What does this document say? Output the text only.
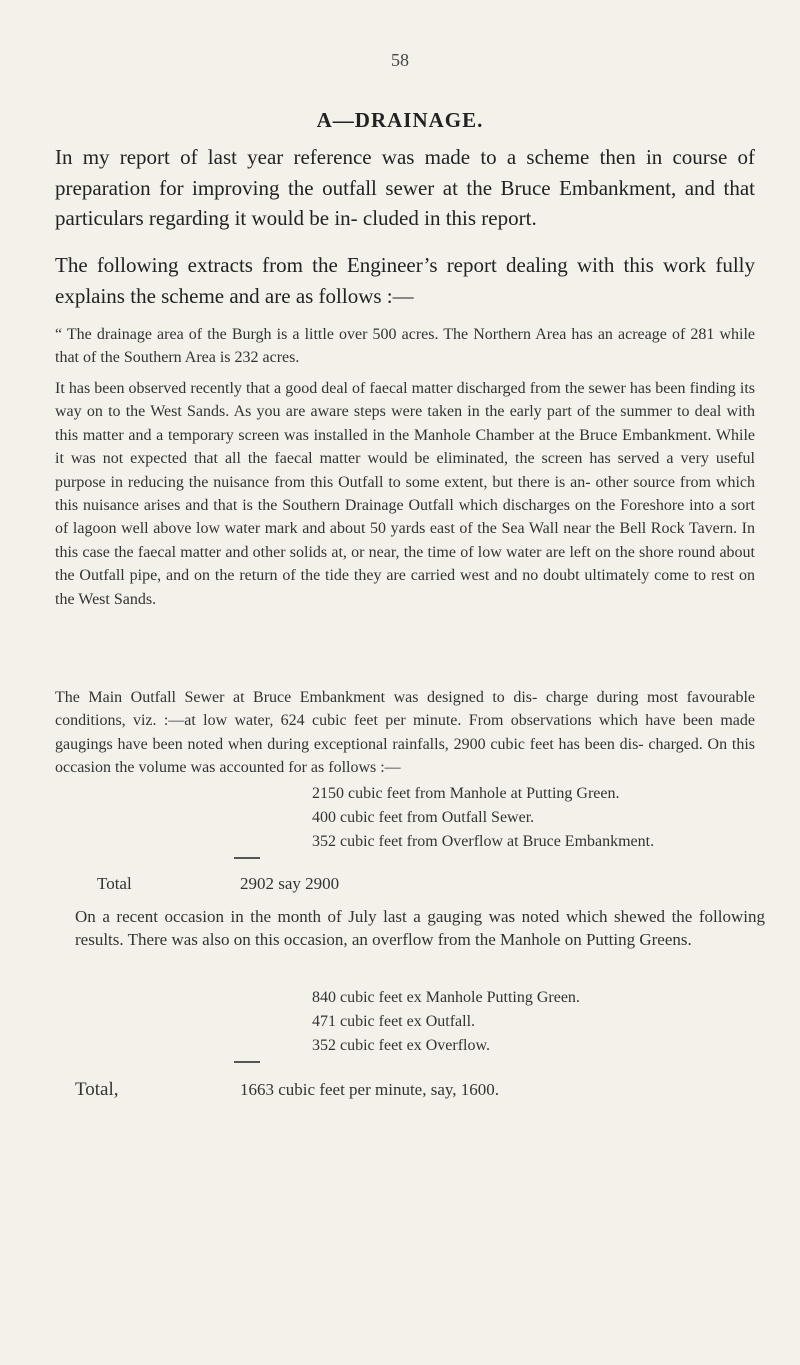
58
A—DRAINAGE.

In my report of last year reference was made to a scheme then in course of preparation for improving the outfall sewer at the Bruce Embankment, and that particulars regarding it would be in- cluded in this report.

The following extracts from the Engineer’s report dealing with this work fully explains the scheme and are as follows :—

“ The drainage area of the Burgh is a little over 500 acres. The Northern Area has an acreage of 281 while that of the Southern Area is 232 acres.

It has been observed recently that a good deal of faecal matter discharged from the sewer has been finding its way on to the West Sands. As you are aware steps were taken in the early part of the summer to deal with this matter and a temporary screen was installed in the Manhole Chamber at the Bruce Embankment. While it was not expected that all the faecal matter would be eliminated, the screen has served a very useful purpose in reducing the nuisance from this Outfall to some extent, but there is an- other source from which this nuisance arises and that is the Southern Drainage Outfall which discharges on the Foreshore into a sort of lagoon well above low water mark and about 50 yards east of the Sea Wall near the Bell Rock Tavern. In this case the faecal matter and other solids at, or near, the time of low water are left on the shore round about the Outfall pipe, and on the return of the tide they are carried west and no doubt ultimately come to rest on the West Sands.

The Main Outfall Sewer at Bruce Embankment was designed to dis- charge during most favourable conditions, viz. :—at low water, 624 cubic feet per minute. From observations which have been made gaugings have been noted when during exceptional rainfalls, 2900 cubic feet has been dis- charged. On this occasion the volume was accounted for as follows :—

2150 cubic feet from Manhole at Putting Green.
400 cubic feet from Outfall Sewer.
352 cubic feet from Overflow at Bruce Embankment.
Total	2902 say 2900

On a recent occasion in the month of July last a gauging was noted which shewed the following results. There was also on this occasion, an overflow from the Manhole on Putting Greens.

840 cubic feet ex Manhole Putting Green.
471 cubic feet ex Outfall.
352 cubic feet ex Overflow.
Total,	1663 cubic feet per minute, say, 1600.
